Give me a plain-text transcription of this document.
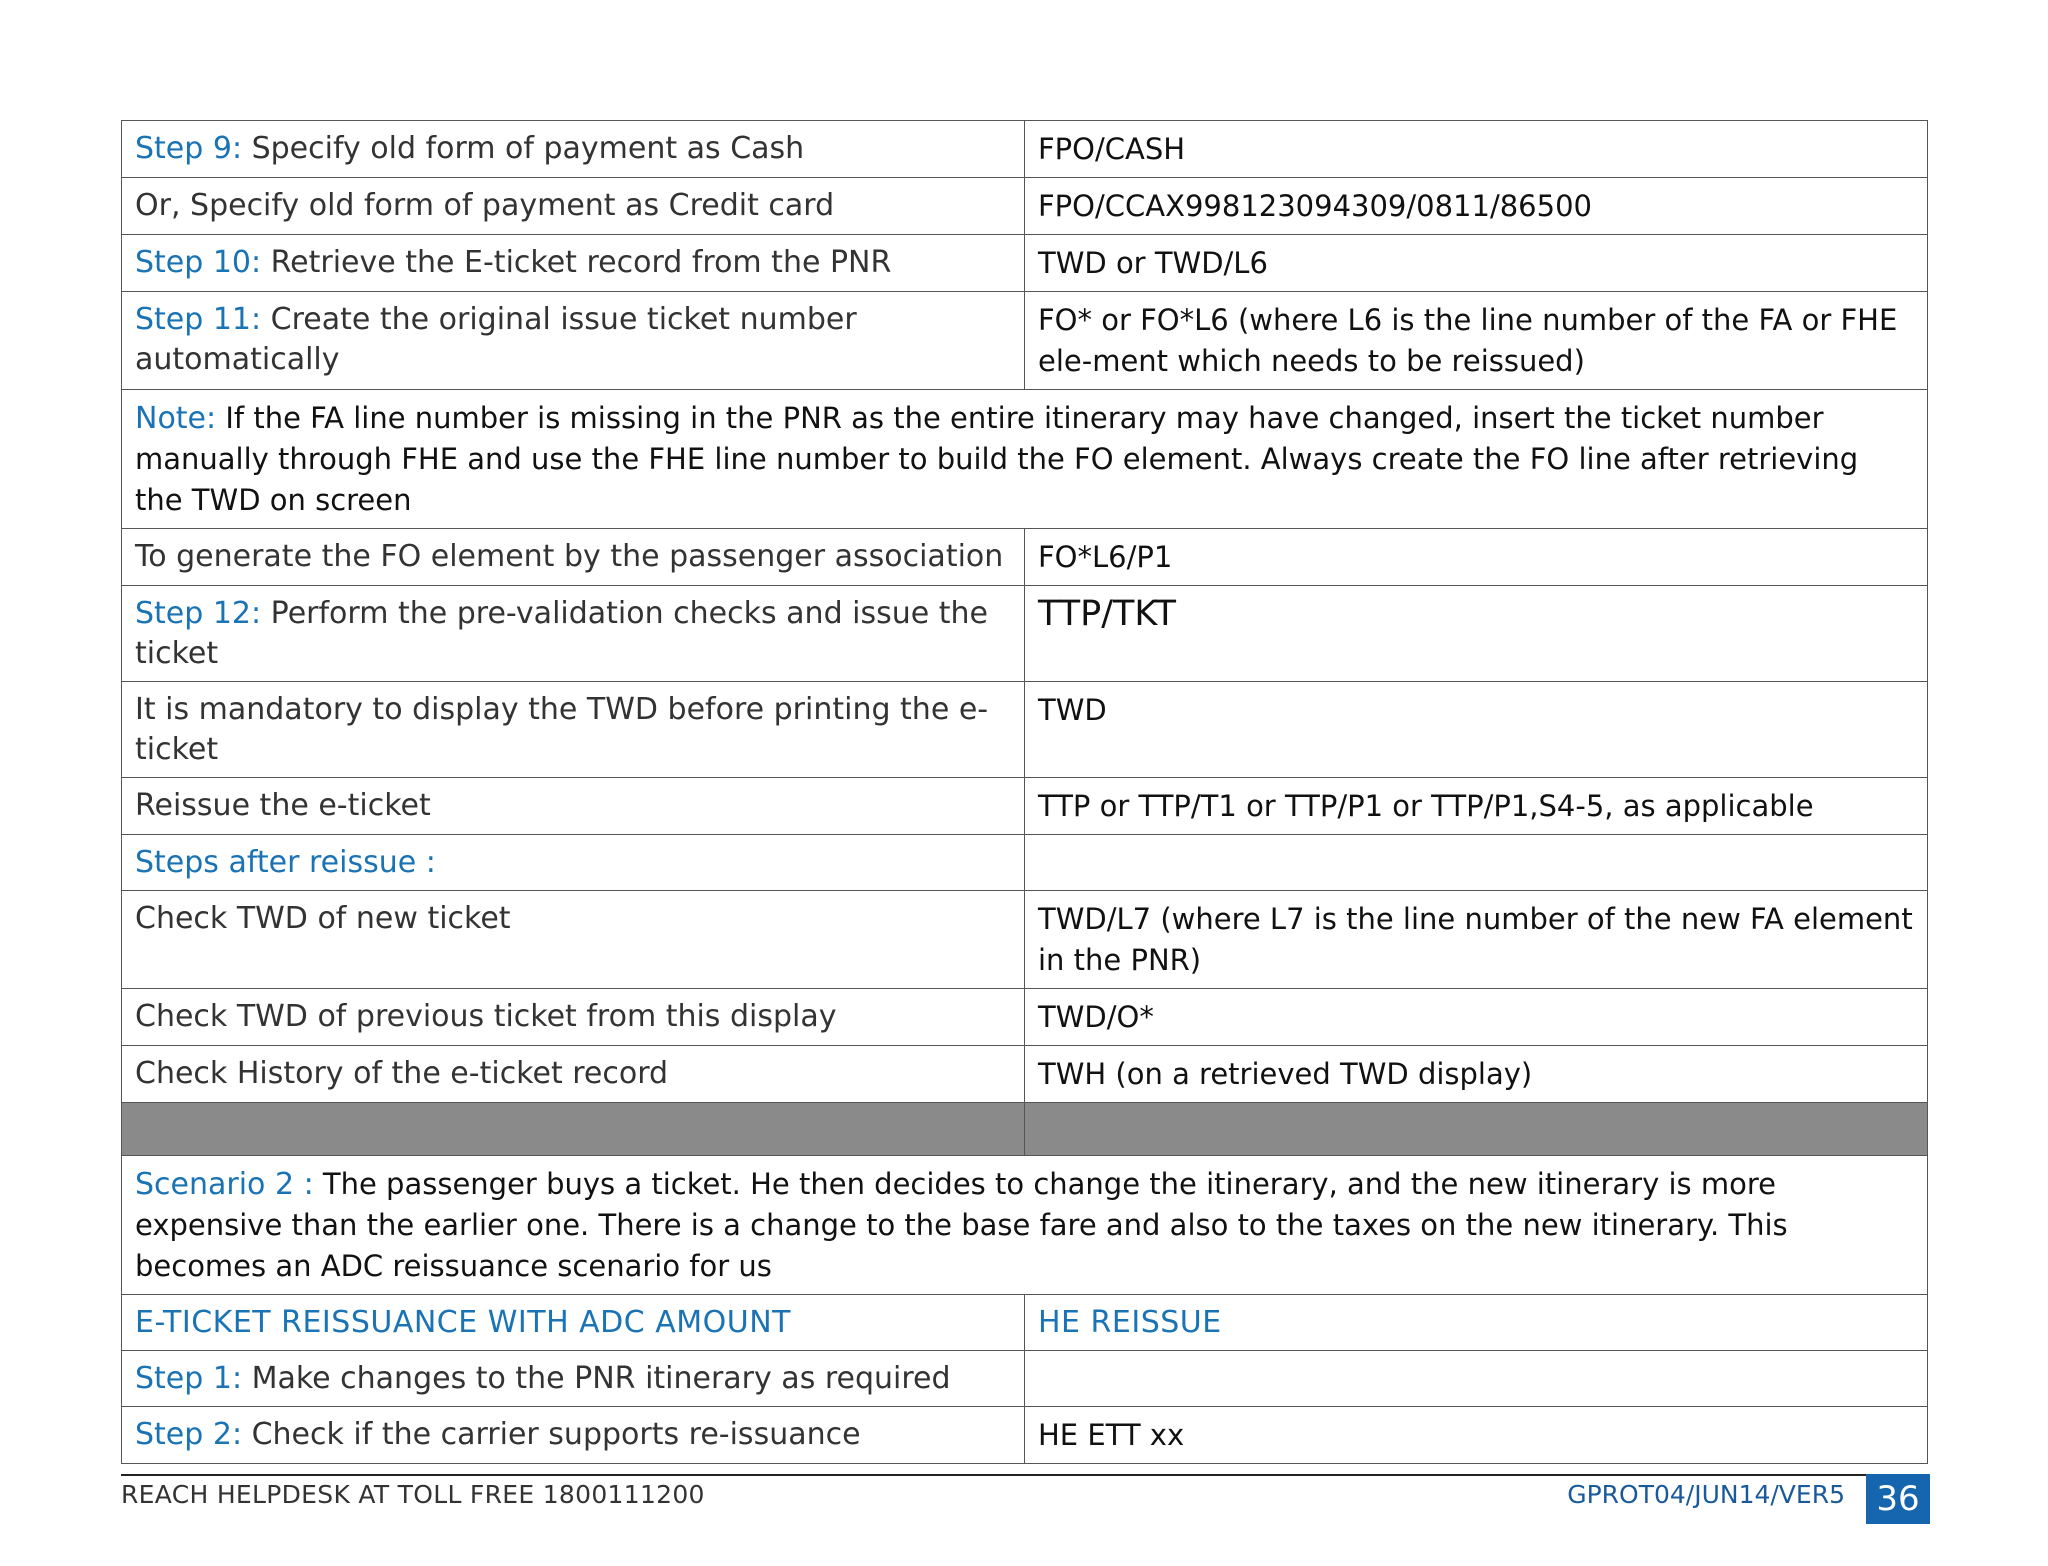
Step 9: Specify old form of payment as Cash	FPO/CASH
Or, Specify old form of payment as Credit card	FPO/CCAX998123094309/0811/86500
Step 10: Retrieve the E-ticket record from the PNR	TWD or TWD/L6
Step 11: Create the original issue ticket number automatically	FO* or FO*L6 (where L6 is the line number of the FA or FHE ele-ment which needs to be reissued)
Note: If the FA line number is missing in the PNR as the entire itinerary may have changed, insert the ticket number manually through FHE and use the FHE line number to build the FO element. Always create the FO line after retrieving the TWD on screen	
To generate the FO element by the passenger association	FO*L6/P1
Step 12: Perform the pre-validation checks and issue the ticket	TTP/TKT
It is mandatory to display the TWD before printing the e-ticket	TWD
Reissue the e-ticket	TTP or TTP/T1 or TTP/P1 or TTP/P1,S4-5, as applicable
Steps after reissue :	
Check TWD of new ticket	TWD/L7 (where L7 is the line number of the new FA element in the PNR)
Check TWD of previous ticket from this display	TWD/O*
Check History of the e-ticket record	TWH (on a retrieved TWD display)

Scenario 2 : The passenger buys a ticket. He then decides to change the itinerary, and the new itinerary is more expensive than the earlier one. There is a change to the base fare and also to the taxes on the new itinerary. This becomes an ADC reissuance scenario for us	
E-TICKET REISSUANCE WITH ADC AMOUNT	HE REISSUE
Step 1: Make changes to the PNR itinerary as required	
Step 2: Check if the carrier supports re-issuance	HE ETT xx
REACH HELPDESK AT TOLL FREE 1800111200	GPROT04/JUN14/VER5 36
